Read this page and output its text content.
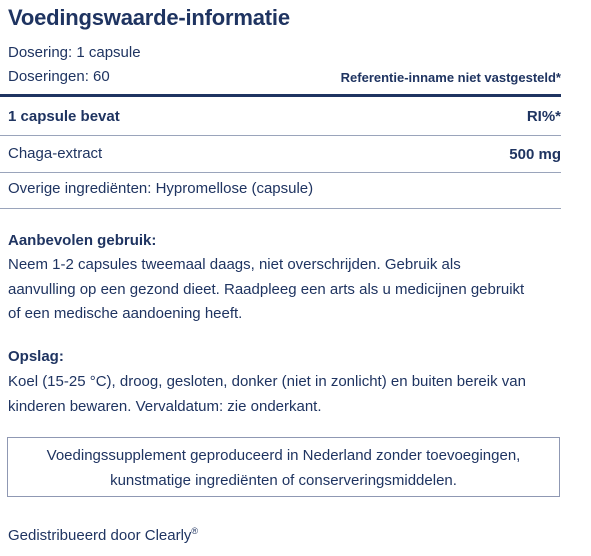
Voedingswaarde-informatie
Dosering: 1 capsule
Doseringen: 60	Referentie-inname niet vastgesteld*
1 capsule bevat	RI%*
Chaga-extract	500 mg
Overige ingrediënten: Hypromellose (capsule)
Aanbevolen gebruik:

Neem 1-2 capsules tweemaal daags, niet overschrijden. Gebruik als

aanvulling op een gezond dieet. Raadpleeg een arts als u medicijnen gebruikt

of een medische aandoening heeft.

Opslag:

Koel (15-25 °C), droog, gesloten, donker (niet in zonlicht) en buiten bereik van

kinderen bewaren. Vervaldatum: zie onderkant.

Voedingssupplement geproduceerd in Nederland zonder toevoegingen,

kunstmatige ingrediënten of conserveringsmiddelen.

Gedistribueerd door Clearly®
